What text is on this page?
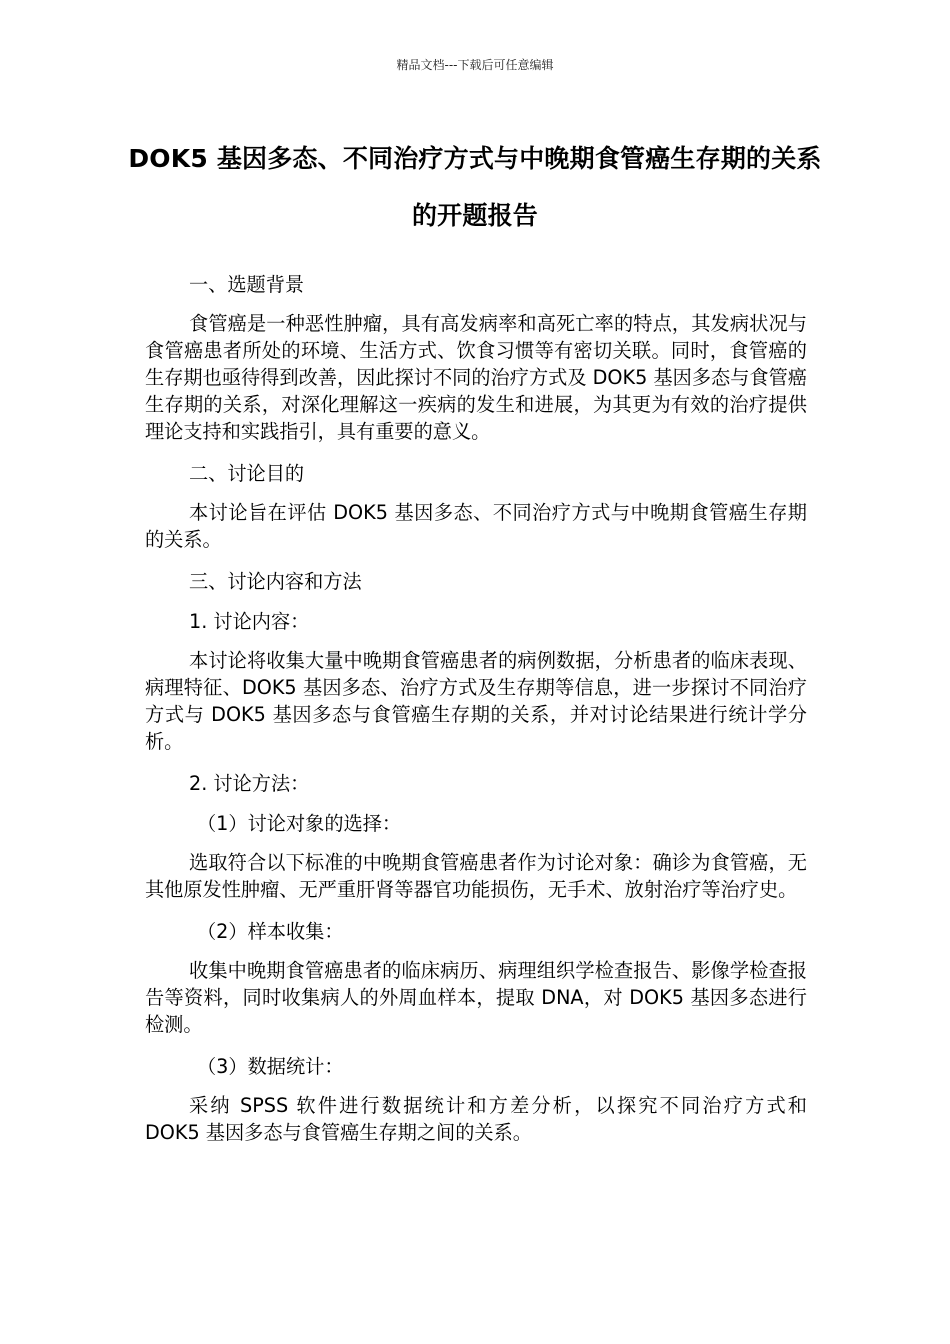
精品文档---下载后可任意编辑
DOK5 基因多态、不同治疗方式与中晚期食管癌生存期的关系的开题报告

一、选题背景

食管癌是一种恶性肿瘤，具有高发病率和高死亡率的特点，其发病状况与食管癌患者所处的环境、生活方式、饮食习惯等有密切关联。同时，食管癌的生存期也亟待得到改善，因此探讨不同的治疗方式及 DOK5 基因多态与食管癌生存期的关系，对深化理解这一疾病的发生和进展，为其更为有效的治疗提供理论支持和实践指引，具有重要的意义。

二、讨论目的

本讨论旨在评估 DOK5 基因多态、不同治疗方式与中晚期食管癌生存期的关系。

三、讨论内容和方法

1. 讨论内容：

本讨论将收集大量中晚期食管癌患者的病例数据，分析患者的临床表现、病理特征、DOK5 基因多态、治疗方式及生存期等信息，进一步探讨不同治疗方式与 DOK5 基因多态与食管癌生存期的关系，并对讨论结果进行统计学分析。

2. 讨论方法：

（1）讨论对象的选择：

选取符合以下标准的中晚期食管癌患者作为讨论对象：确诊为食管癌，无其他原发性肿瘤、无严重肝肾等器官功能损伤，无手术、放射治疗等治疗史。

（2）样本收集：

收集中晚期食管癌患者的临床病历、病理组织学检查报告、影像学检查报告等资料，同时收集病人的外周血样本，提取 DNA，对 DOK5 基因多态进行检测。

（3）数据统计：

采纳 SPSS 软件进行数据统计和方差分析，以探究不同治疗方式和 DOK5 基因多态与食管癌生存期之间的关系。
